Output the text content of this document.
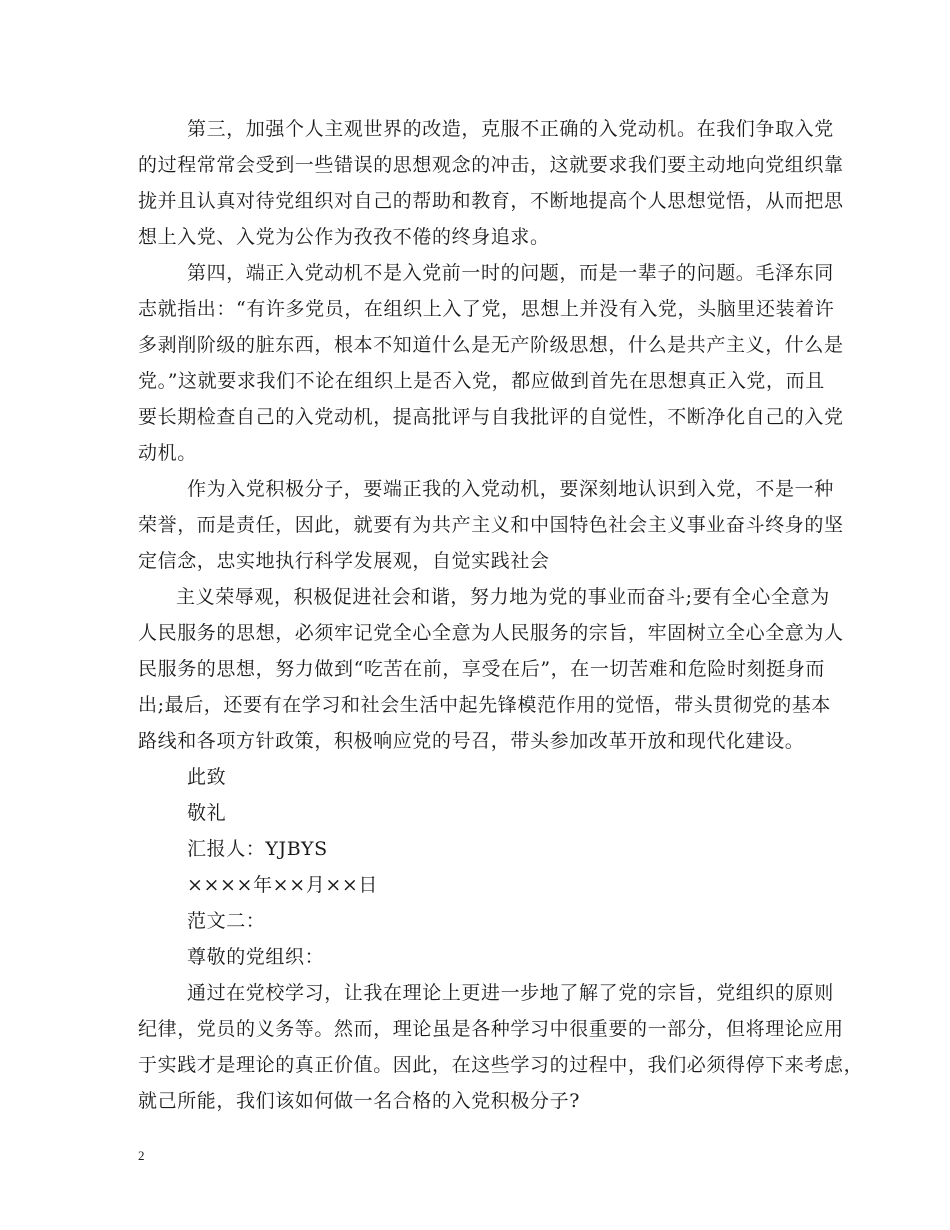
第三，加强个人主观世界的改造，克服不正确的入党动机。在我们争取入党
的过程常常会受到一些错误的思想观念的冲击，这就要求我们要主动地向党组织靠
拢并且认真对待党组织对自己的帮助和教育，不断地提高个人思想觉悟，从而把思
想上入党、入党为公作为孜孜不倦的终身追求。
第四，端正入党动机不是入党前一时的问题，而是一辈子的问题。毛泽东同
志就指出：“有许多党员，在组织上入了党，思想上并没有入党，头脑里还装着许
多剥削阶级的脏东西，根本不知道什么是无产阶级思想，什么是共产主义，什么是
党。”这就要求我们不论在组织上是否入党，都应做到首先在思想真正入党，而且
要长期检查自己的入党动机，提高批评与自我批评的自觉性，不断净化自己的入党
动机。
作为入党积极分子，要端正我的入党动机，要深刻地认识到入党，不是一种
荣誉，而是责任，因此，就要有为共产主义和中国特色社会主义事业奋斗终身的坚
定信念，忠实地执行科学发展观，自觉实践社会
主义荣辱观，积极促进社会和谐，努力地为党的事业而奋斗;要有全心全意为
人民服务的思想，必须牢记党全心全意为人民服务的宗旨，牢固树立全心全意为人
民服务的思想，努力做到“吃苦在前，享受在后”，在一切苦难和危险时刻挺身而
出;最后，还要有在学习和社会生活中起先锋模范作用的觉悟，带头贯彻党的基本
路线和各项方针政策，积极响应党的号召，带头参加改革开放和现代化建设。
此致
敬礼
汇报人：YJBYS
××××年××月××日
范文二：
尊敬的党组织：
通过在党校学习，让我在理论上更进一步地了解了党的宗旨，党组织的原则
纪律，党员的义务等。然而，理论虽是各种学习中很重要的一部分，但将理论应用
于实践才是理论的真正价值。因此，在这些学习的过程中，我们必须得停下来考虑，
就己所能，我们该如何做一名合格的入党积极分子?
2
